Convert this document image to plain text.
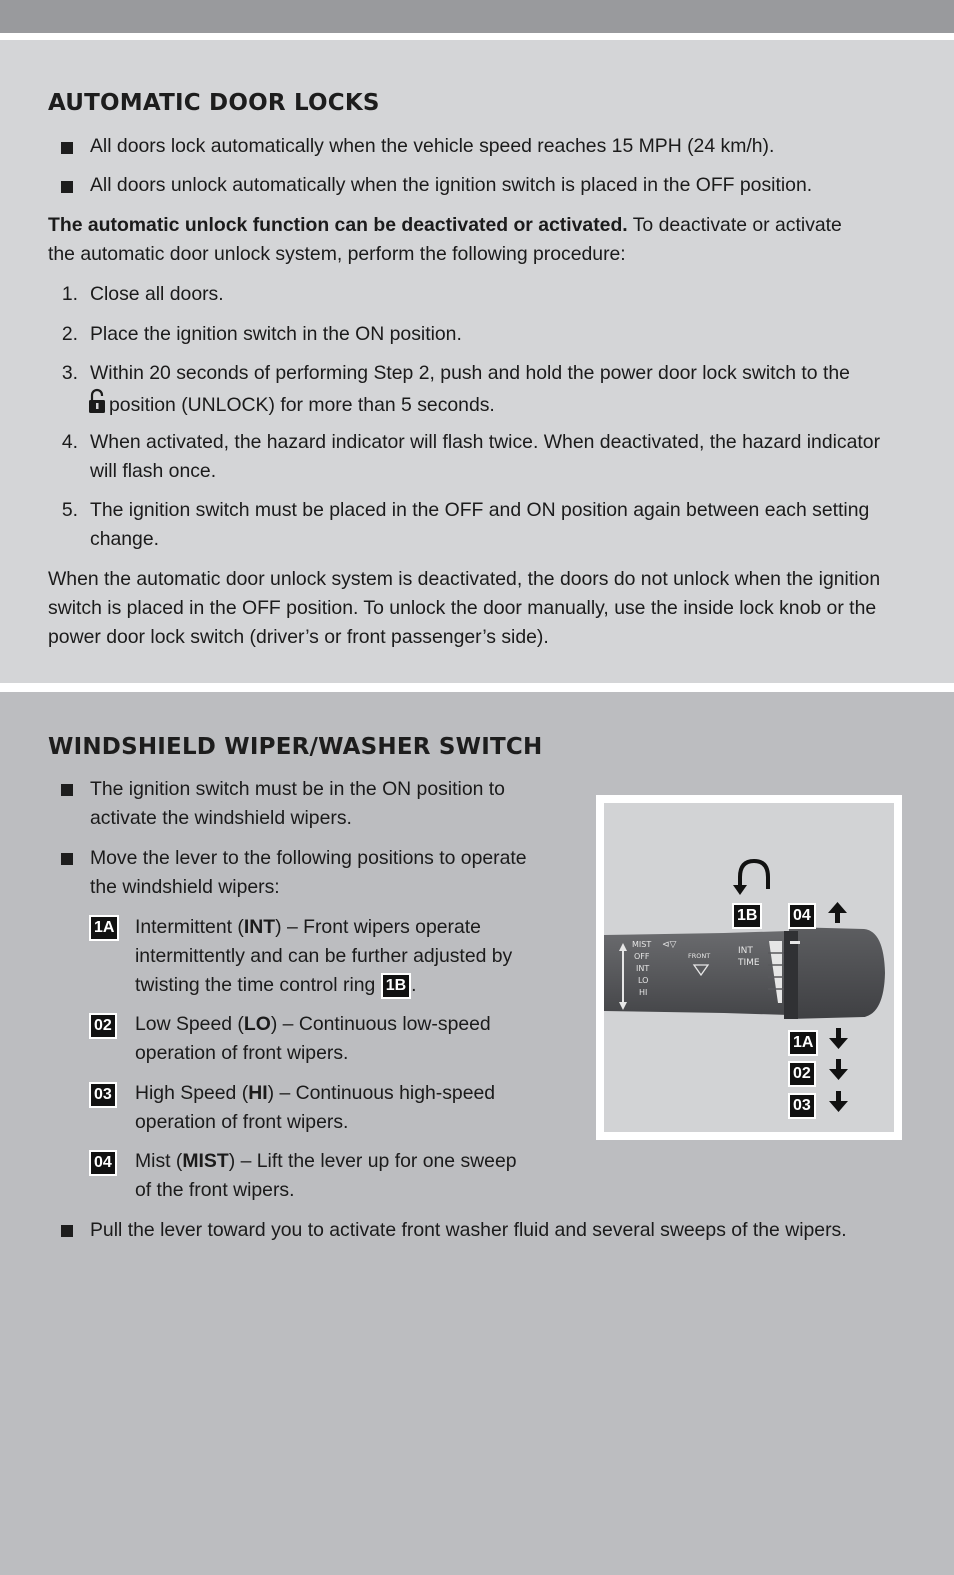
AUTOMATIC DOOR LOCKS
All doors lock automatically when the vehicle speed reaches 15 MPH (24 km/h).
All doors unlock automatically when the ignition switch is placed in the OFF position.
The automatic unlock function can be deactivated or activated. To deactivate or activate
the automatic door unlock system, perform the following procedure:
1. Close all doors.
2. Place the ignition switch in the ON position.
3. Within 20 seconds of performing Step 2, push and hold the power door lock switch to the
position (UNLOCK) for more than 5 seconds.
4. When activated, the hazard indicator will flash twice. When deactivated, the hazard indicator
will flash once.
5. The ignition switch must be placed in the OFF and ON position again between each setting
change.
When the automatic door unlock system is deactivated, the doors do not unlock when the ignition
switch is placed in the OFF position. To unlock the door manually, use the inside lock knob or the
power door lock switch (driver’s or front passenger’s side).
WINDSHIELD WIPER/WASHER SWITCH
The ignition switch must be in the ON position to
activate the windshield wipers.
Move the lever to the following positions to operate
the windshield wipers:
1A Intermittent (INT) – Front wipers operate
intermittently and can be further adjusted by
twisting the time control ring 1B .
02 Low Speed (LO) – Continuous low-speed
operation of front wipers.
03 High Speed (HI) – Continuous high-speed
operation of front wipers.
04 Mist (MIST) – Lift the lever up for one sweep
of the front wipers.
Pull the lever toward you to activate front washer fluid and several sweeps of the wipers.
MIST ⊲▽
OFF
INT
LO
HI
FRONT	INT
TIME
1B	04
1A
02
03
